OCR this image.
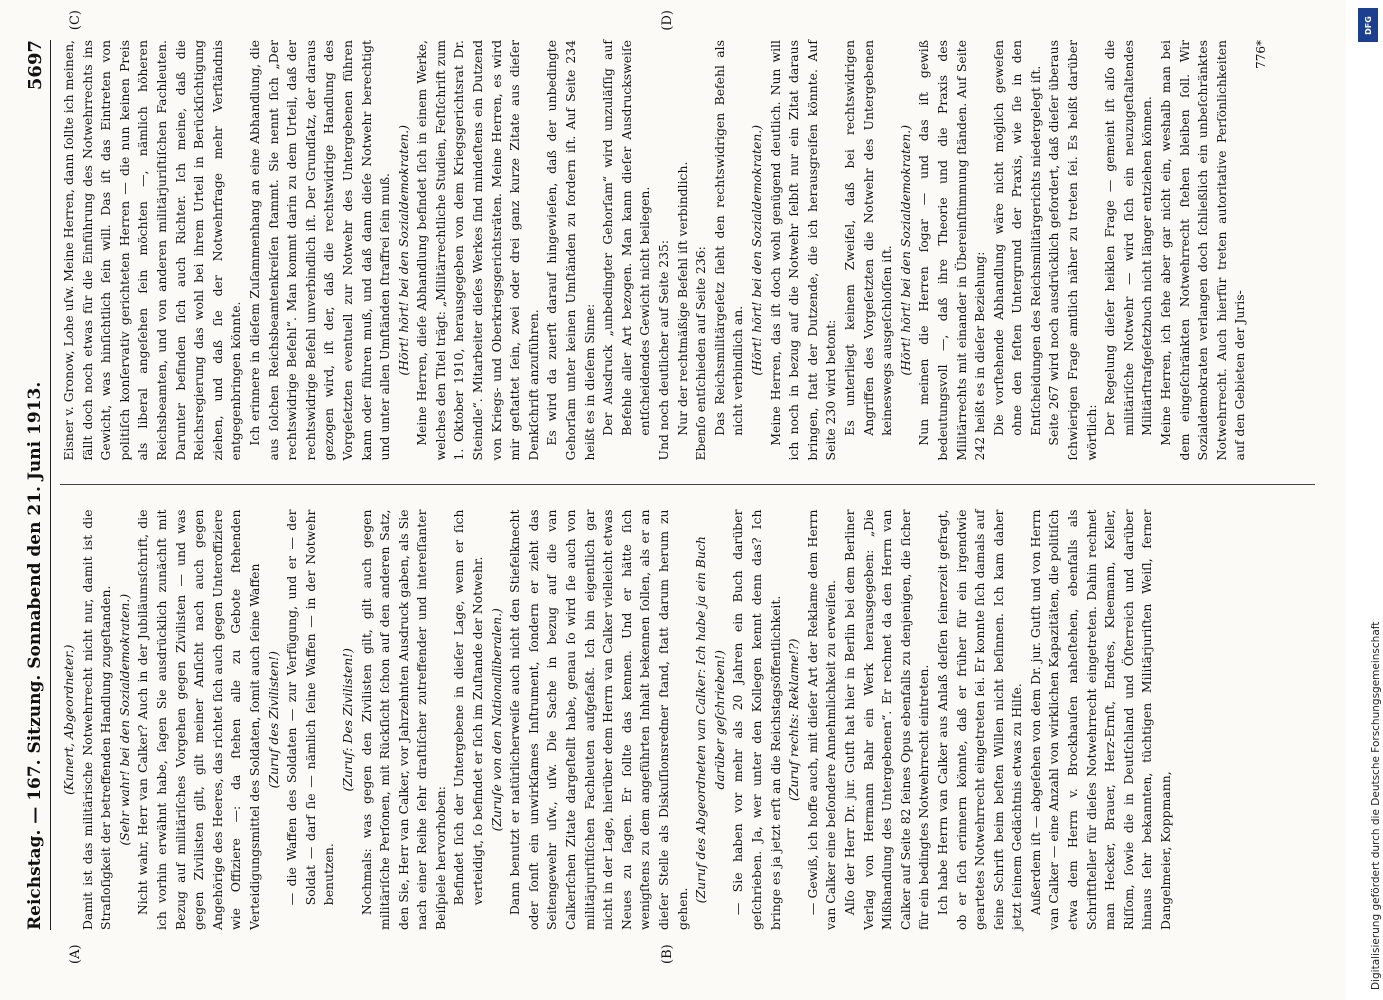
Reichstag. — 167. Sitzung. Sonnabend den 21. Juni 1913.
5697
(A)	(B)

(Kunert, Abgeordneter.) Damit ist das militärische Notwehrrecht nicht nur, damit ist die Strafloſigkeit der betreffenden Handlung zugeſtanden. (Sehr wahr! bei den Sozialdemokraten.) Nicht wahr, Herr van Calker? Auch in der Jubiläumsſchrift, die ich vorhin erwähnt habe, ſagen Sie ausdrücklich zunächſt mit Bezug auf militäriſches Vorgehen gegen Zivilisten — und was gegen Zivilisten gilt, gilt meiner Anſicht nach auch gegen Angehörige des Heeres, das richtet ſich auch gegen Unteroffiziere wie Offiziere —: da ſtehen alle zu Gebote ſtehenden Verteidigungsmittel des Soldaten, ſomit auch ſeine Waffen (Zuruf des Zivilisten!) — die Waffen des Soldaten — zur Verfügung, und er — der Soldat — darf ſie — nämlich ſeine Waffen — in der Notwehr benutzen.

(Zuruf: Des Zivilisten!) Nochmals: was gegen den Zivilisten gilt, gilt auch gegen militäriſche Perſonen, mit Rückſicht ſchon auf den anderen Satz, den Sie, Herr van Calker, vor Jahrzehnten Ausdruck gaben, als Sie nach einer Reihe ſehr draſtiſcher zutreffender und intereſſanter Beiſpiele hervorhoben: Befindet ſich der Untergebene in dieſer Lage, wenn er ſich verteidigt, ſo befindet er ſich im Zuſtande der Notwehr. (Zuruſe von den Nationalliberalen.) Dann benutzt er natürlicherweiſe auch nicht den Stiefelknecht oder ſonſt ein unwirkſames Inſtrument, ſondern er zieht das Seitengewehr uſw., uſw. Die Sache in bezug auf die van Calkerſchen Zitate dargeſtellt habe, genau ſo wird ſie auch von militärjuriſtiſchen Fachleuten aufgefaßt. Ich bin eigentlich gar nicht in der Lage, hierüber dem Herrn van Calker vielleicht etwas Neues zu ſagen. Er ſollte das kennen. Und er hätte ſich wenigſtens zu dem angeführten Inhalt bekennen ſollen, als er an dieſer Stelle als Diskuſſionsredner ſtand, ſtatt darum herum zu gehen.

(Zuruf des Abgeordneten van Calker: Ich habe ja ein Buch darüber geſchrieben!) — Sie haben vor mehr als 20 Jahren ein Buch darüber geſchrieben. Ja, wer unter den Kollegen kennt denn das? Ich bringe es ja jetzt erſt an die Reichstagsöffentlichkeit. (Zuruf rechts: Reklame!?) — Gewiß, ich hoffe auch, mit dieſer Art der Reklame dem Herrn van Calker eine beſondere Annehmlichkeit zu erweiſen. Alſo der Herr Dr. jur. Gutſt hat hier in Berlin bei dem Berliner Verlag von Hermann Bahr ein Werk herausgegeben: „Die Mißhandlung des Untergebenen“. Er rechnet da den Herrn van Calker auf Seite 82 ſeines Opus ebenfalls zu denjenigen, die ſicher für ein bedingtes Notwehrrecht eintreten. Ich habe Herrn van Calker aus Anlaß deſſen ſeinerzeit gefragt, ob er ſich erinnern könnte, daß er früher für ein irgendwie geartetes Notwehrrecht eingetreten ſei. Er konnte ſich damals auf ſeine Schrift beim beſten Willen nicht beſinnen. Ich kam daher jetzt ſeinem Gedächtnis etwas zu Hilfe. Außerdem iſt — abgeſehen von dem Dr. jur. Gutſt und von Herrn van Calker — eine Anzahl von wirklichen Kapazitäten, die politiſch etwa dem Herrn v. Brockhauſen naheſtehen, ebenfalls als Schriftſteller für dieſes Notwehrrecht eingetreten. Dahin rechnet man Hecker, Brauer, Herz-Ernſt, Endres, Kleemann, Keller, Riſſom, ſowie die in Deutſchland und Öſterreich und darüber hinaus ſehr bekannten, tüchtigen Militärjuriſten Weiſl, ferner Dangelmeier, Koppmann,

Eisner v. Gronow, Lohe uſw. Meine Herren, dann ſollte ich meinen, fällt doch noch etwas für die Einführung des Notwehrrechts ins Gewicht, was hinſichtlich ſein will. Das iſt das Eintreten von politiſch konſervativ gerichteten Herren — die nun keinen Preis als liberal angeſehen ſein möchten —, nämlich höheren Reichsbeamten, und von anderen militärjuriſtiſchen Fachleuten. Darunter befinden ſich auch Richter. Ich meine, daß die Reichsregierung das wohl bei ihrem Urteil in Berückſichtigung ziehen, und daß ſie der Notwehrfrage mehr Verſtändnis entgegenbringen könnte. Ich erinnere in dieſem Zuſammenhang an eine Abhandlung, die aus ſolchen Reichsbeamtenkreiſen ſtammt. Sie nennt ſich „Der rechtswidrige Befehl“. Man kommt darin zu dem Urteil, daß der rechtswidrige Befehl unverbindlich iſt. Der Grundſatz, der daraus gezogen wird, iſt der, daß die rechtswidrige Handlung des Vorgeſetzten eventuell zur Notwehr des Untergebenen führen kann oder führen muß, und daß dann dieſe Notwehr berechtigt und unter allen Umſtänden ſtraffrei ſein muß. (Hört! hört! bei den Sozialdemokraten.) Meine Herren, dieſe Abhandlung befindet ſich in einem Werke, welches den Titel trägt: „Militärrechtliche Studien, Feſtſchrift zum 1. Oktober 1910, herausgegeben von dem Kriegsgerichtsrat Dr. Steindle“. Mitarbeiter dieſes Werkes ſind mindeſtens ein Dutzend von Kriegs- und Oberkriegsgerichtsräten. Meine Herren, es wird mir geſtattet ſein, zwei oder drei ganz kurze Zitate aus dieſer Denkſchrift anzuführen. Es wird da zuerſt darauf hingewieſen, daß der unbedingte Gehorſam unter keinen Umſtänden zu fordern iſt. Auf Seite 234 heißt es in dieſem Sinne: Der Ausdruck „unbedingter Gehorſam“ wird unzuläſſig auf Befehle aller Art bezogen. Man kann dieſer Ausdrucksweiſe entſcheidendes Gewicht nicht beilegen. Und noch deutlicher auf Seite 235: Nur der rechtmäßige Befehl iſt verbindlich. Ebenſo entſchieden auf Seite 236: Das Reichsmilitärgeſetz ſieht den rechtswidrigen Befehl als nicht verbindlich an. (Hört! hört! bei den Sozialdemokraten.) Meine Herren, das iſt doch wohl genügend deutlich. Nun will ich noch in bezug auf die Notwehr ſelbſt nur ein Zitat daraus bringen, ſtatt der Dutzende, die ich herausgreifen könnte. Auf Seite 230 wird betont: Es unterliegt keinem Zweifel, daß bei rechtswidrigen Angriffen des Vorgeſetzten die Notwehr des Untergebenen keineswegs ausgeſchloſſen iſt. (Hört! hört! bei den Sozialdemokraten.) Nun meinen die Herren ſogar — und das iſt gewiß bedeutungsvoll —, daß ihre Theorie und die Praxis des Militärrechts mit einander in Übereinſtimmung ſtänden. Auf Seite 242 heißt es in dieſer Beziehung: Die vorſtehende Abhandlung wäre nicht möglich geweſen ohne den feſten Untergrund der Praxis, wie ſie in den Entſcheidungen des Reichsmilitärgerichts niedergelegt iſt. Seite 267 wird noch ausdrücklich gefordert, daß dieſer überaus ſchwierigen Frage amtlich näher zu treten ſei. Es heißt darüber wörtlich: Der Regelung dieſer heiklen Frage — gemeint iſt alſo die militäriſche Notwehr — wird ſich ein neuzugeſtaltendes Militärſtrafgeſetzbuch nicht länger entziehen können. Meine Herren, ich ſehe aber gar nicht ein, weshalb man bei dem eingeſchränkten Notwehrrecht ſtehen bleiben ſoll. Wir Sozialdemokraten verlangen doch ſchließlich ein unbeſchränktes Notwehrrecht. Auch hierfür treten autoritative Perſönlichkeiten auf den Gebieten der Juris-

(C)	(D)
776*
DFG
Digitalisierung gefördert durch die Deutsche Forschungsgemeinschaft
